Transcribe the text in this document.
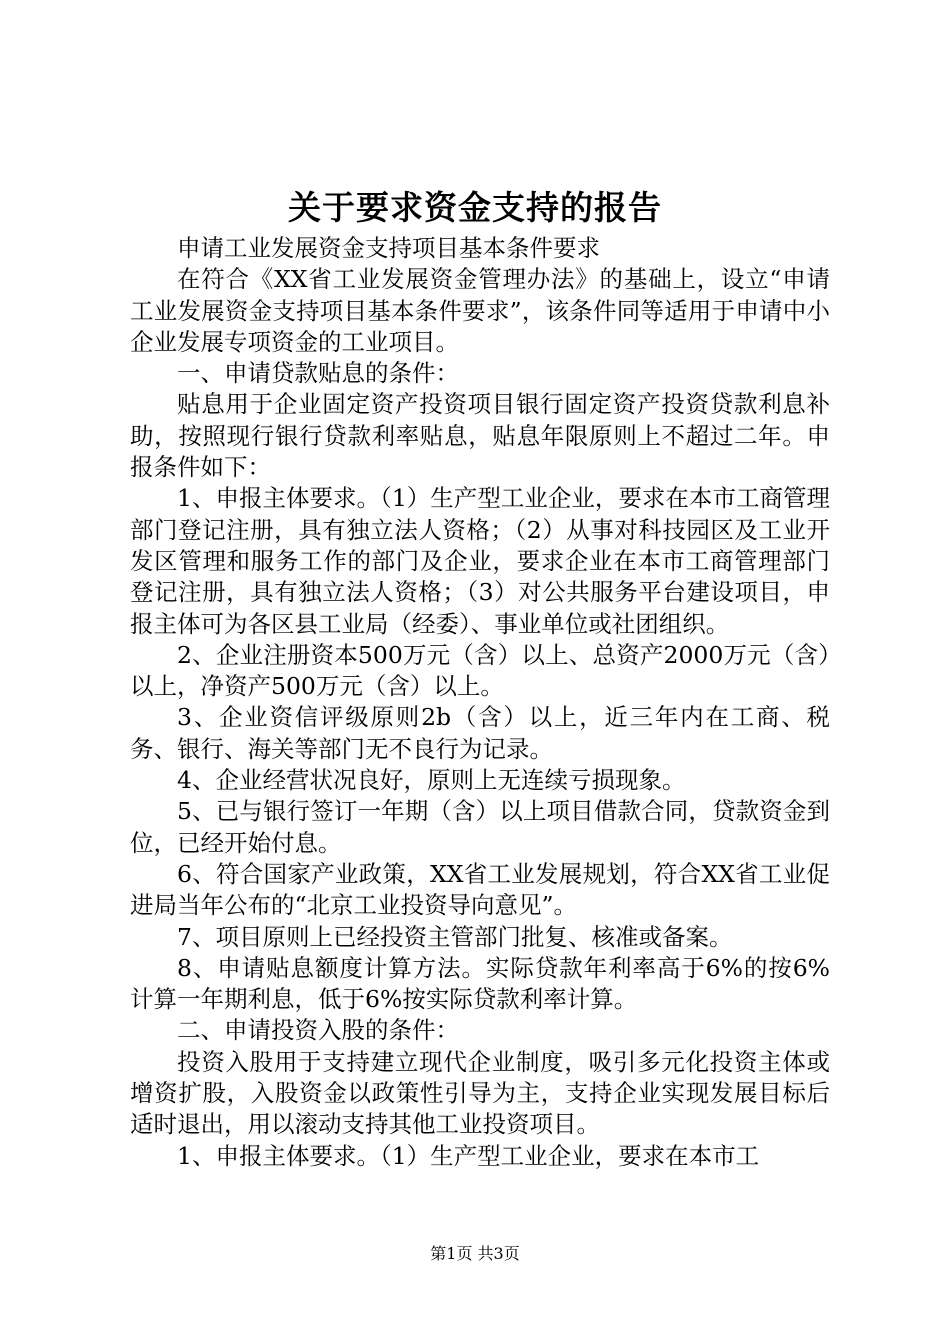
关于要求资金支持的报告

申请工业发展资金支持项目基本条件要求

在符合《XX省工业发展资金管理办法》的基础上，设立“申请工业发展资金支持项目基本条件要求”，该条件同等适用于申请中小企业发展专项资金的工业项目。

一、申请贷款贴息的条件：

贴息用于企业固定资产投资项目银行固定资产投资贷款利息补助，按照现行银行贷款利率贴息，贴息年限原则上不超过二年。申报条件如下：

1、申报主体要求。（1）生产型工业企业，要求在本市工商管理部门登记注册，具有独立法人资格；（2）从事对科技园区及工业开发区管理和服务工作的部门及企业，要求企业在本市工商管理部门登记注册，具有独立法人资格；（3）对公共服务平台建设项目，申报主体可为各区县工业局（经委）、事业单位或社团组织。

2、企业注册资本500万元（含）以上、总资产2000万元（含）以上，净资产500万元（含）以上。

3、企业资信评级原则2b（含）以上，近三年内在工商、税务、银行、海关等部门无不良行为记录。

4、企业经营状况良好，原则上无连续亏损现象。

5、已与银行签订一年期（含）以上项目借款合同，贷款资金到位，已经开始付息。

6、符合国家产业政策，XX省工业发展规划，符合XX省工业促进局当年公布的“北京工业投资导向意见”。

7、项目原则上已经投资主管部门批复、核准或备案。

8、申请贴息额度计算方法。实际贷款年利率高于6%的按6%计算一年期利息，低于6%按实际贷款利率计算。

二、申请投资入股的条件：

投资入股用于支持建立现代企业制度，吸引多元化投资主体或增资扩股，入股资金以政策性引导为主，支持企业实现发展目标后适时退出，用以滚动支持其他工业投资项目。

1、申报主体要求。（1）生产型工业企业，要求在本市工

第1页 共3页
